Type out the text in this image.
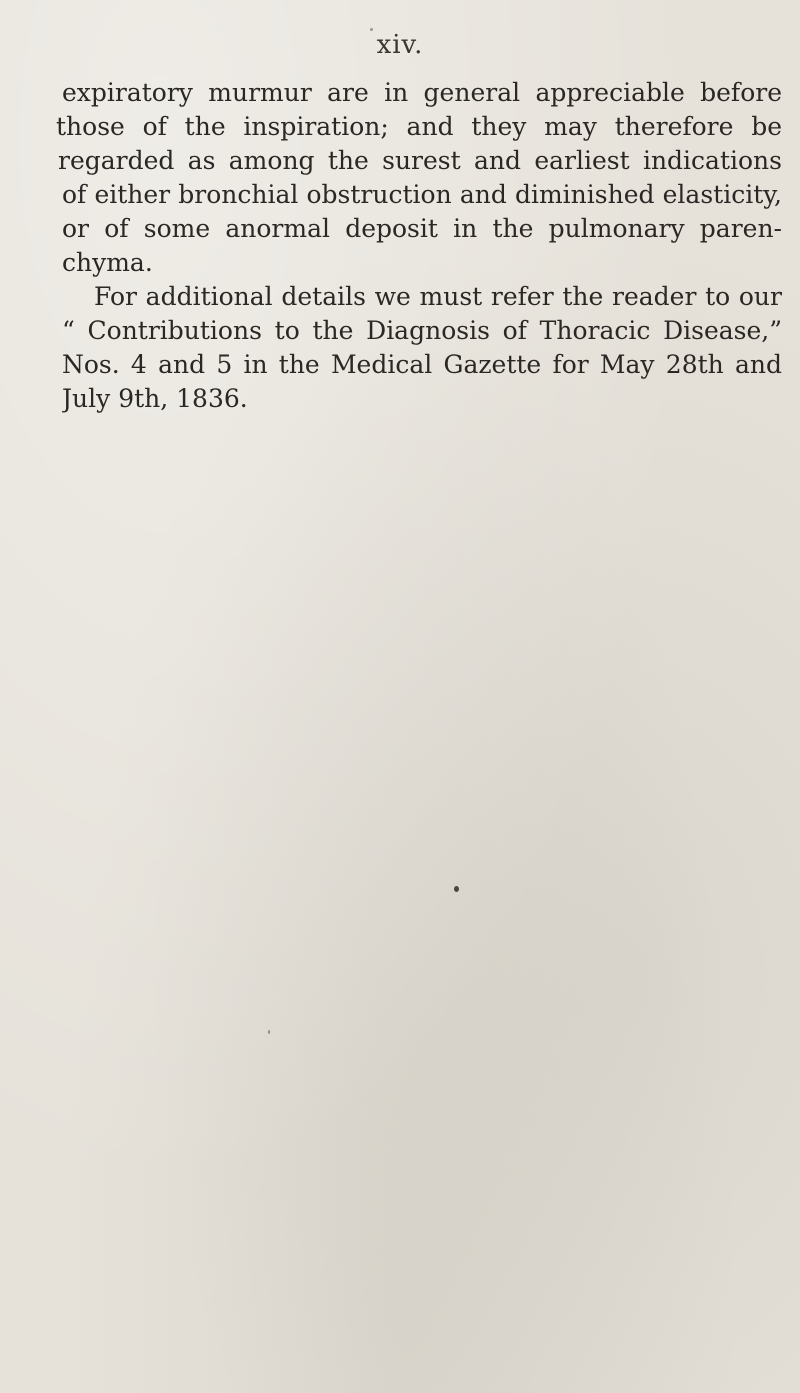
xiv.
expiratory murmur are in general appreciable before
those of the inspiration; and they may therefore be
regarded as among the surest and earliest indications
of either bronchial obstruction and diminished elasticity,
or of some anormal deposit in the pulmonary paren-
chyma.
For additional details we must refer the reader to our
“ Contributions to the Diagnosis of Thoracic Disease,”
Nos. 4 and 5 in the Medical Gazette for May 28th and
July 9th, 1836.
